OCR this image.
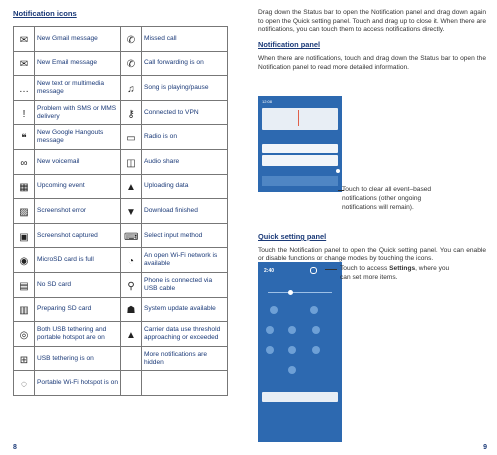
Notification icons
✉	New Gmail message	✆	Missed call
✉	New Email message	✆	Call forwarding is on
…	New text or multimedia message	♫	Song is playing/pause
!	Problem with SMS or MMS delivery	⚷	Connected to VPN
❝	New Google Hangouts message	▭	Radio is on
∞	New voicemail	◫	Audio share
▦	Upcoming event	▲	Uploading data
▨	Screenshot error	▼	Download finished
▣	Screenshot captured	⌨	Select input method
◉	MicroSD card is full	◔	An open Wi-Fi network is available
▤	No SD card	⚲	Phone is connected via USB cable
▥	Preparing SD card	☗	System update available
◎	Both USB tethering and portable hotspot are on	▲	Carrier data use threshold approaching or exceeded
⊞	USB tethering is on		More notifications are hidden
◌	Portable Wi-Fi hotspot is on		
8

Drag down the Status bar to open the Notification panel and drag down again to open the Quick setting panel. Touch and drag up to close it. When there are notifications, you can touch them to access notifications directly.

Notification panel

When there are notifications, touch and drag down the Status bar to open the Notification panel to read more detailed information.

12:08
Touch to clear all event–based notifications (other ongoing notifications will remain).
Quick setting panel

Touch the Notification panel to open the Quick setting panel. You can enable or disable functions or change modes by touching the icons.

2:40	Touch to access Settings, where you can set more items.
9
